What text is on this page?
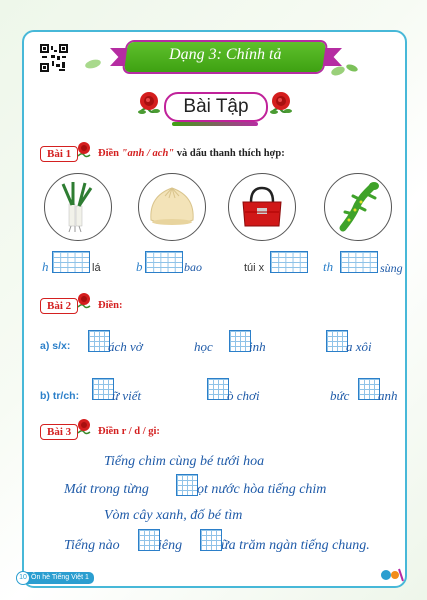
Dạng 3: Chính tả
Bài Tập
Bài 1	Điền "anh / ach" và dấu thanh thích hợp:
h	lá	b	bao	túi x	th	sùng
Bài 2	Điền:
a) s/x:	ách vở	học	inh	a xôi
b) tr/ch:	ữ viết	ò chơi	bức anh
Bài 3	Điền r / d / gi:
Tiếng chim cùng bé tưới hoa
Mát trong từng	ọt nước hòa tiếng chim
Vòm cây xanh, đố bé tìm
Tiếng nào	iêng	ữa trăm ngàn tiếng chung.
Ôn hè Tiếng Việt 1
10
